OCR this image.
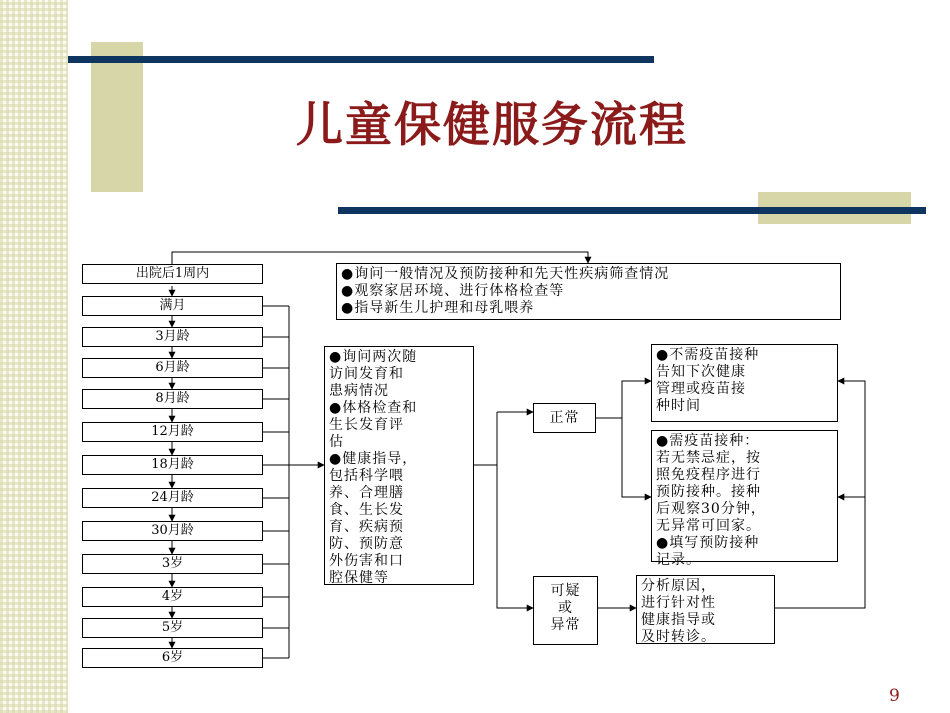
儿童保健服务流程
出院后1周内
满月
3月龄
6月龄
8月龄
12月龄
18月龄
24月龄
30月龄
3岁
4岁
5岁
6岁
●询问一般情况及预防接种和先天性疾病筛查情况
●观察家居环境、进行体格检查等
●指导新生儿护理和母乳喂养
●询问两次随
访间发育和
患病情况
●体格检查和
生长发育评
估
●健康指导，
包括科学喂
养、合理膳
食、生长发
育、疾病预
防、预防意
外伤害和口
腔保健等
正常
可疑
或
异常
●不需疫苗接种
告知下次健康
管理或疫苗接
种时间
●需疫苗接种：
若无禁忌症，按
照免疫程序进行
预防接种。接种
后观察30分钟，
无异常可回家。
●填写预防接种
记录。
分析原因，
进行针对性
健康指导或
及时转诊。
9
